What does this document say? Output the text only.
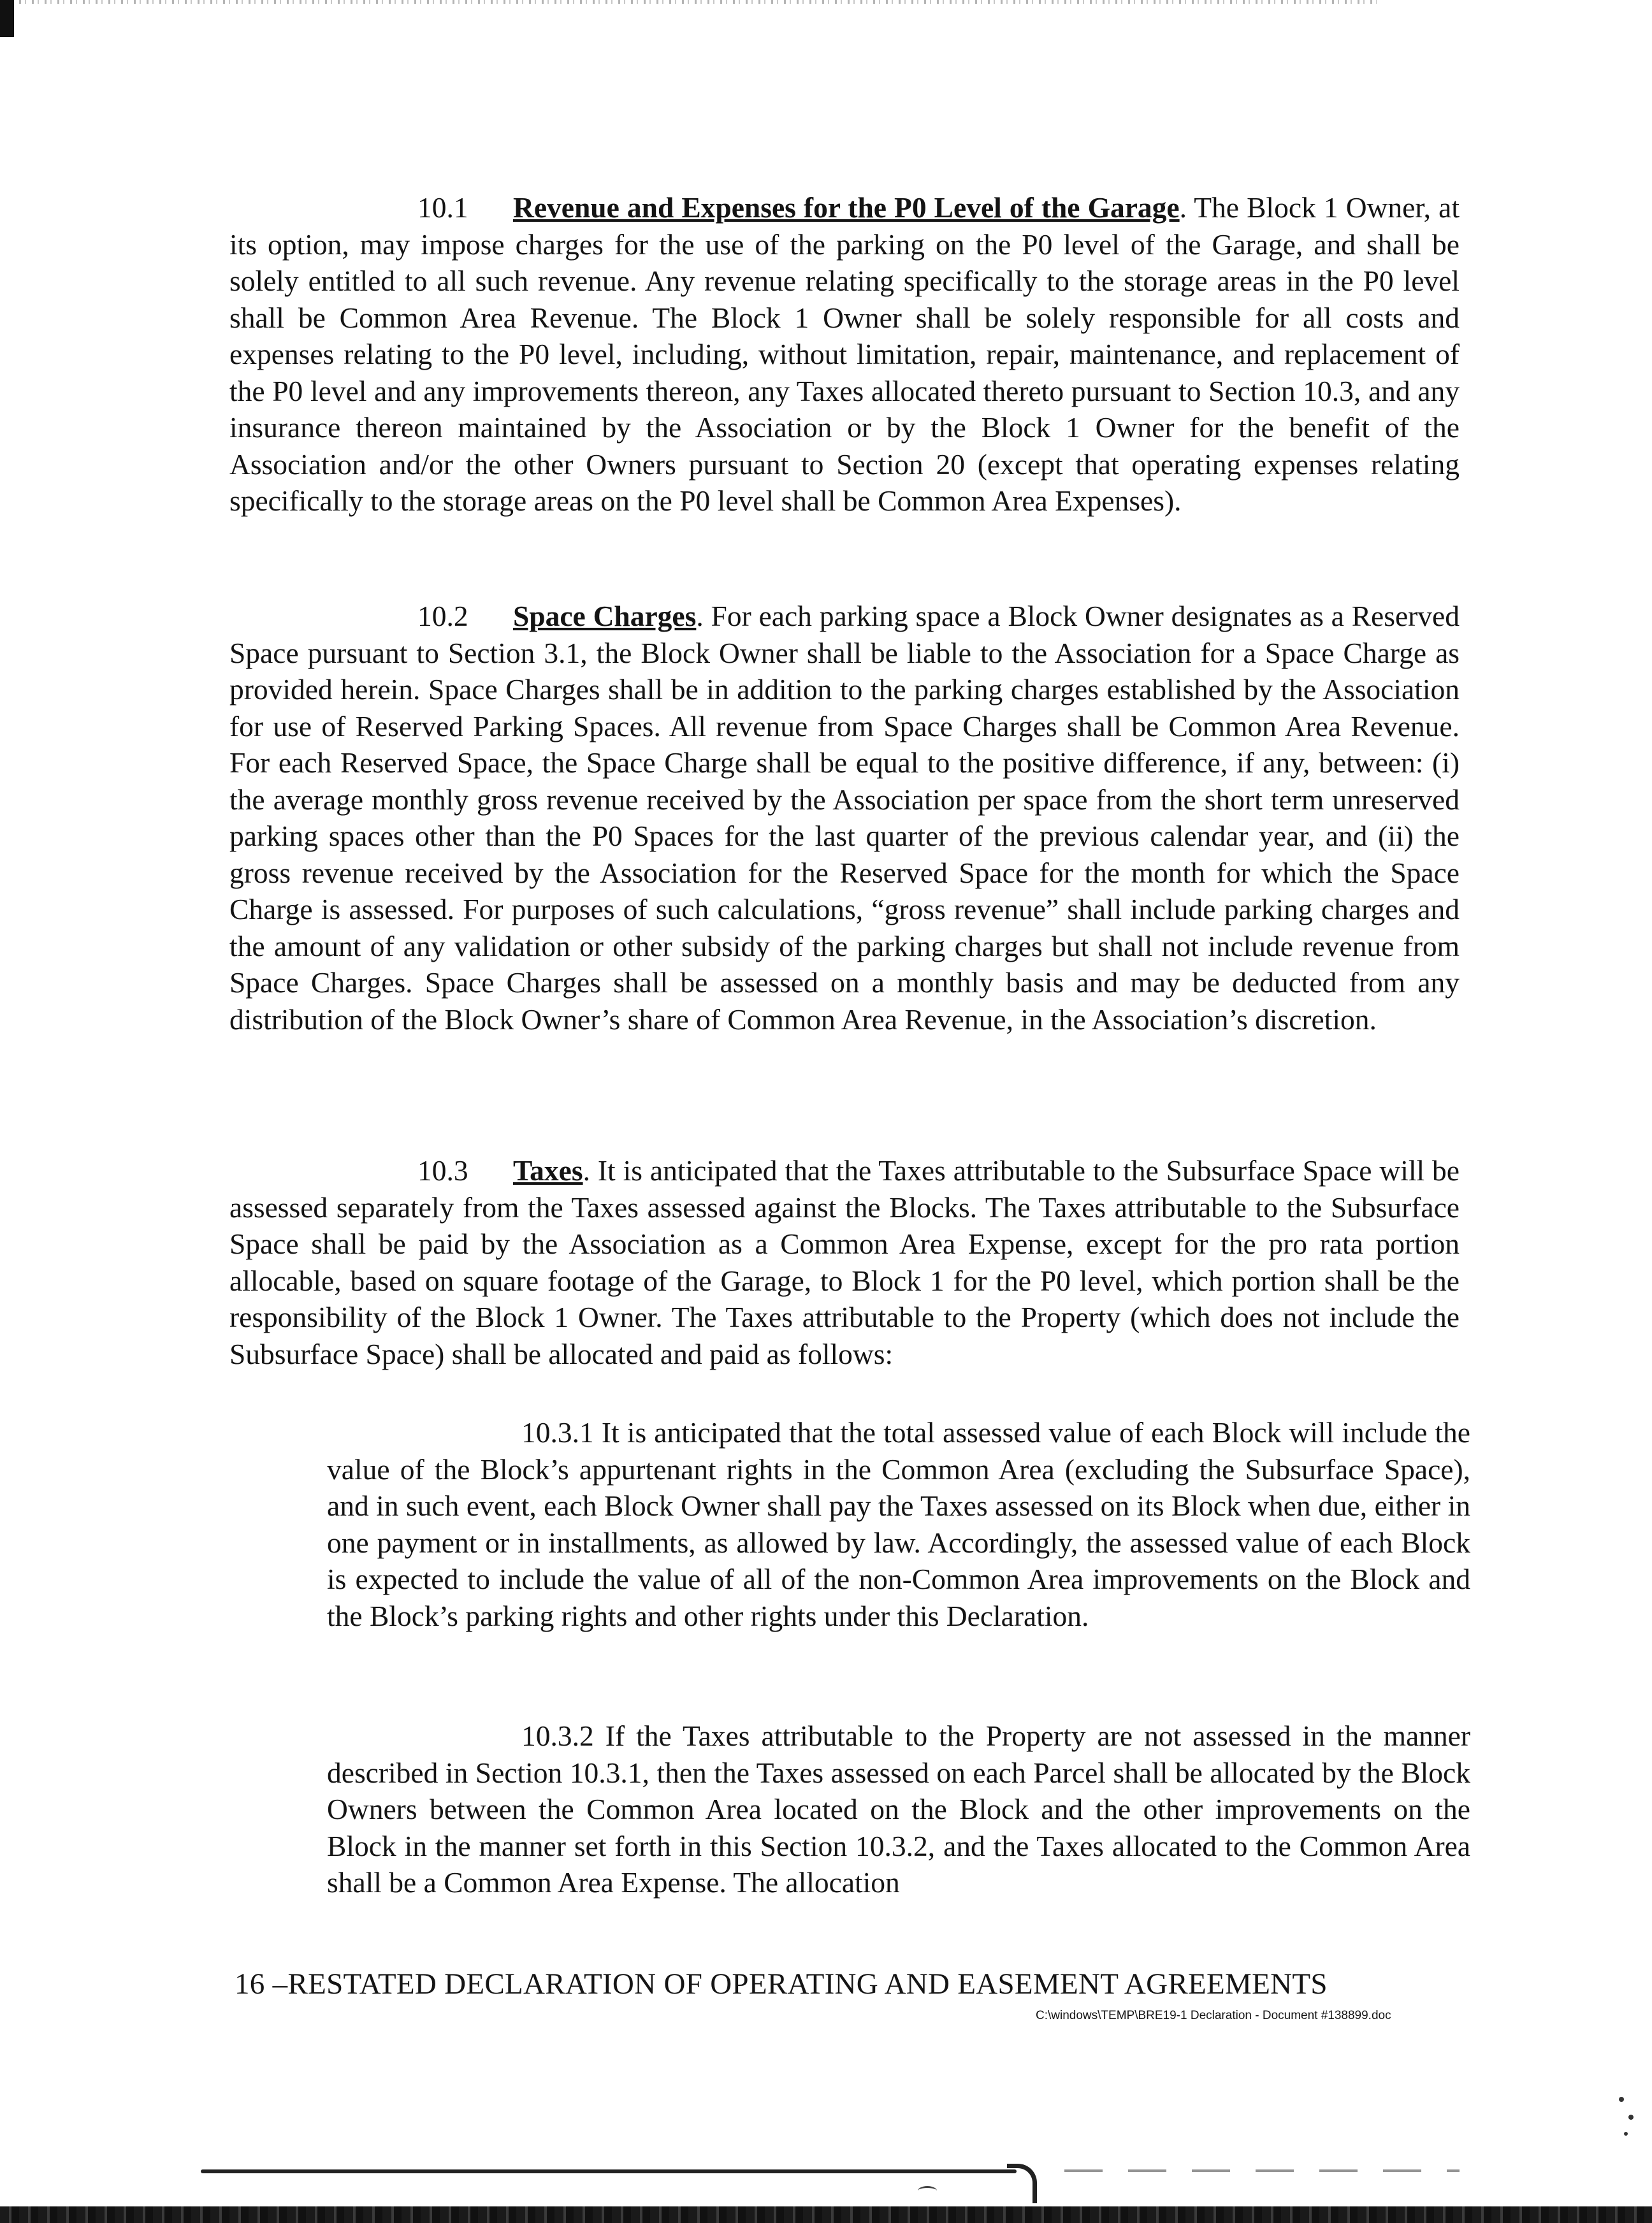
10.1 Revenue and Expenses for the P0 Level of the Garage. The Block 1 Owner, at its option, may impose charges for the use of the parking on the P0 level of the Garage, and shall be solely entitled to all such revenue. Any revenue relating specifically to the storage areas in the P0 level shall be Common Area Revenue. The Block 1 Owner shall be solely responsible for all costs and expenses relating to the P0 level, including, without limitation, repair, maintenance, and replacement of the P0 level and any improvements thereon, any Taxes allocated thereto pursuant to Section 10.3, and any insurance thereon maintained by the Association or by the Block 1 Owner for the benefit of the Association and/or the other Owners pursuant to Section 20 (except that operating expenses relating specifically to the storage areas on the P0 level shall be Common Area Expenses).

10.2 Space Charges. For each parking space a Block Owner designates as a Reserved Space pursuant to Section 3.1, the Block Owner shall be liable to the Association for a Space Charge as provided herein. Space Charges shall be in addition to the parking charges established by the Association for use of Reserved Parking Spaces. All revenue from Space Charges shall be Common Area Revenue. For each Reserved Space, the Space Charge shall be equal to the positive difference, if any, between: (i) the average monthly gross revenue received by the Association per space from the short term unreserved parking spaces other than the P0 Spaces for the last quarter of the previous calendar year, and (ii) the gross revenue received by the Association for the Reserved Space for the month for which the Space Charge is assessed. For purposes of such calculations, “gross revenue” shall include parking charges and the amount of any validation or other subsidy of the parking charges but shall not include revenue from Space Charges. Space Charges shall be assessed on a monthly basis and may be deducted from any distribution of the Block Owner’s share of Common Area Revenue, in the Association’s discretion.

10.3 Taxes. It is anticipated that the Taxes attributable to the Subsurface Space will be assessed separately from the Taxes assessed against the Blocks. The Taxes attributable to the Subsurface Space shall be paid by the Association as a Common Area Expense, except for the pro rata portion allocable, based on square footage of the Garage, to Block 1 for the P0 level, which portion shall be the responsibility of the Block 1 Owner. The Taxes attributable to the Property (which does not include the Subsurface Space) shall be allocated and paid as follows:

10.3.1 It is anticipated that the total assessed value of each Block will include the value of the Block’s appurtenant rights in the Common Area (excluding the Subsurface Space), and in such event, each Block Owner shall pay the Taxes assessed on its Block when due, either in one payment or in installments, as allowed by law. Accordingly, the assessed value of each Block is expected to include the value of all of the non-Common Area improvements on the Block and the Block’s parking rights and other rights under this Declaration.

10.3.2 If the Taxes attributable to the Property are not assessed in the manner described in Section 10.3.1, then the Taxes assessed on each Parcel shall be allocated by the Block Owners between the Common Area located on the Block and the other improvements on the Block in the manner set forth in this Section 10.3.2, and the Taxes allocated to the Common Area shall be a Common Area Expense. The allocation

16 –RESTATED DECLARATION OF OPERATING AND EASEMENT AGREEMENTS

C:\windows\TEMP\BRE19-1 Declaration - Document #138899.doc
